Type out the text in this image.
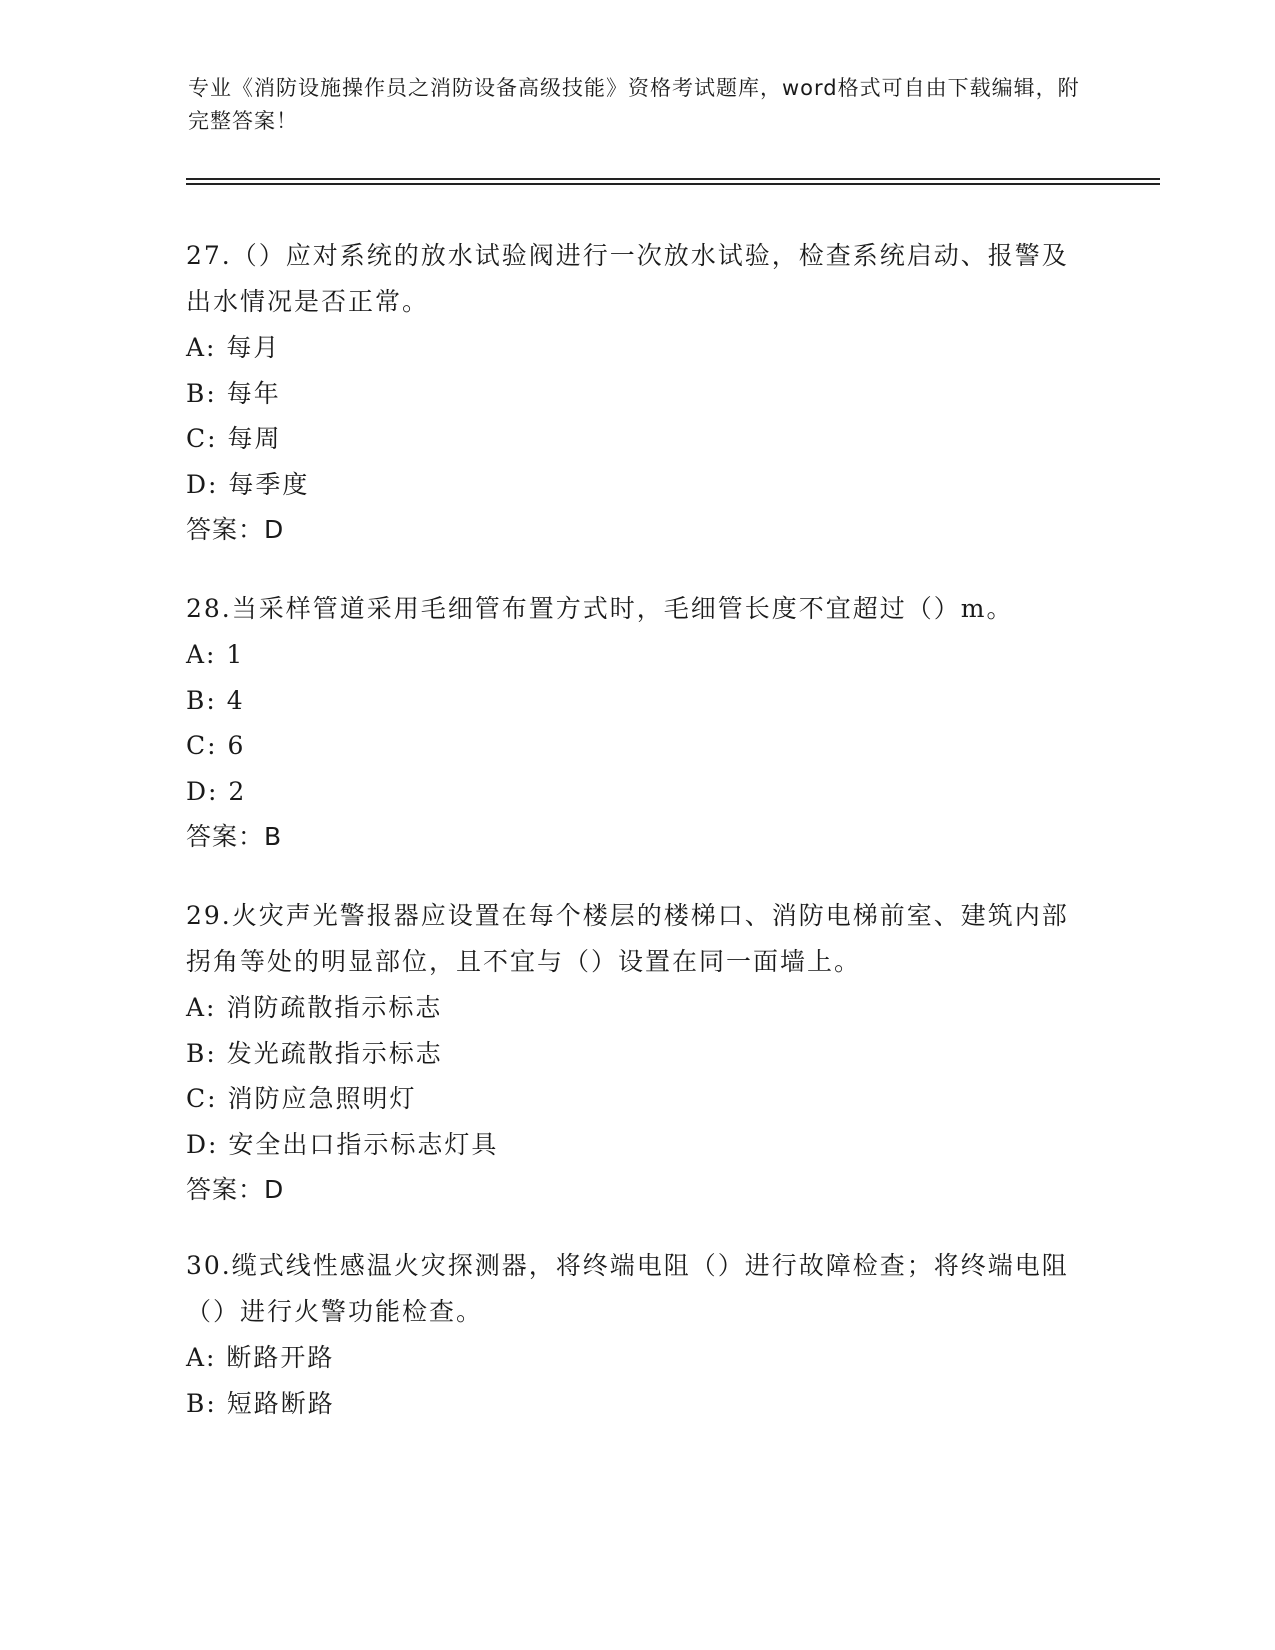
专业《消防设施操作员之消防设备高级技能》资格考试题库，word格式可自由下载编辑，附完整答案！
27.（）应对系统的放水试验阀进行一次放水试验，检查系统启动、报警及出水情况是否正常。
A: 每月
B: 每年
C: 每周
D: 每季度
答案：D
28.当采样管道采用毛细管布置方式时，毛细管长度不宜超过（）m。
A: 1
B: 4
C: 6
D: 2
答案：B
29.火灾声光警报器应设置在每个楼层的楼梯口、消防电梯前室、建筑内部拐角等处的明显部位，且不宜与（）设置在同一面墙上。
A: 消防疏散指示标志
B: 发光疏散指示标志
C: 消防应急照明灯
D: 安全出口指示标志灯具
答案：D
30.缆式线性感温火灾探测器，将终端电阻（）进行故障检查；将终端电阻（）进行火警功能检查。
A: 断路开路
B: 短路断路
